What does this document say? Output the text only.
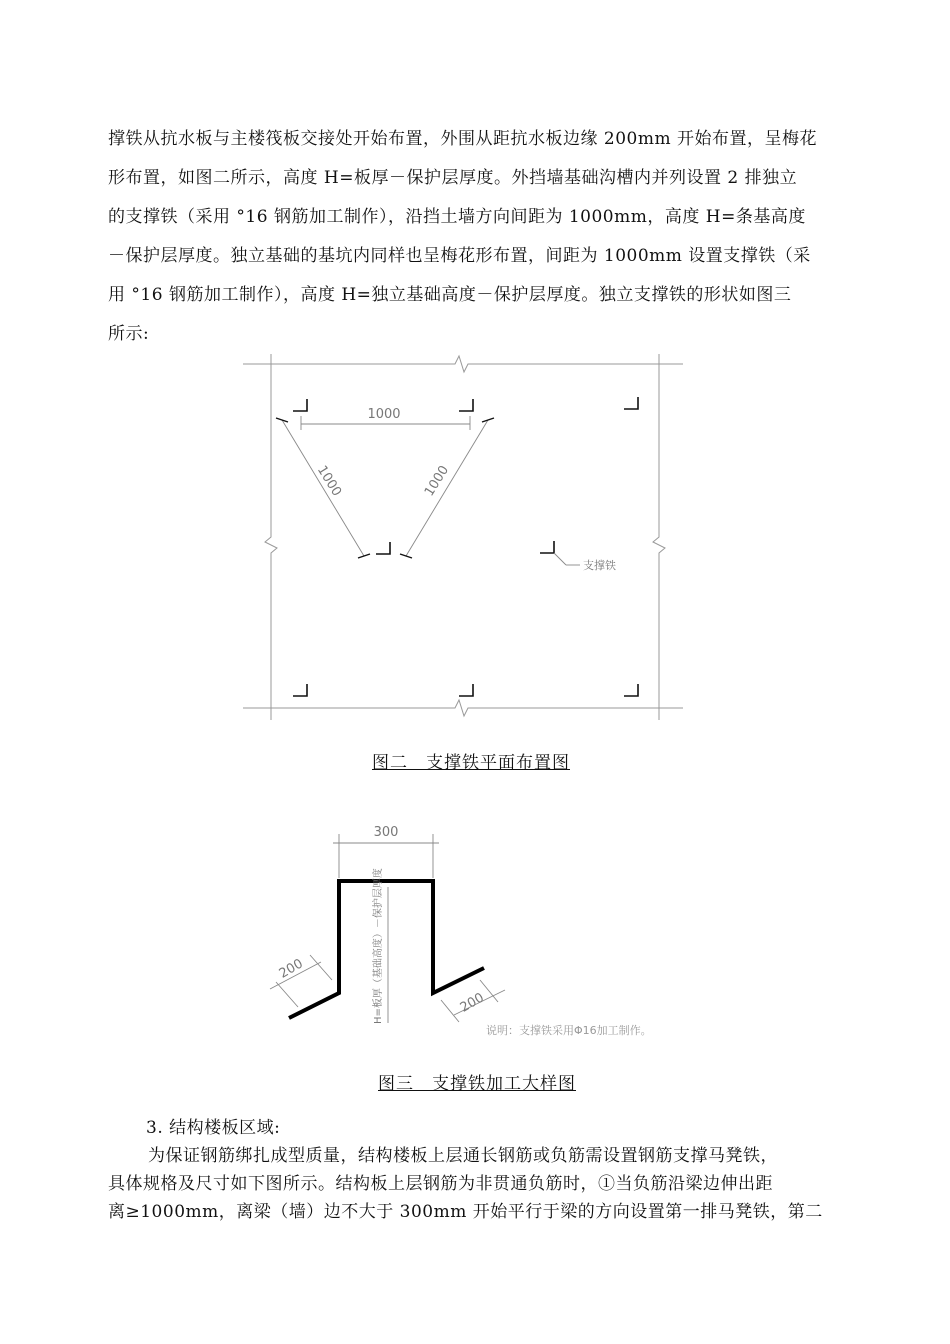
撑铁从抗水板与主楼筏板交接处开始布置，外围从距抗水板边缘 200mm 开始布置，呈梅花
形布置，如图二所示，高度 H=板厚－保护层厚度。外挡墙基础沟槽内并列设置 2 排独立
的支撑铁（采用 °16 钢筋加工制作），沿挡土墙方向间距为 1000mm，高度 H=条基高度
－保护层厚度。独立基础的基坑内同样也呈梅花形布置，间距为 1000mm 设置支撑铁（采
用 °16 钢筋加工制作），高度 H=独立基础高度－保护层厚度。独立支撑铁的形状如图三
所示:
1000
1000	1000
支撑铁
图二　支撑铁平面布置图
300
200
200
H=板厚（基础高度）－保护层厚度
说明：支撑铁采用Φ16加工制作。
图三　支撑铁加工大样图
3. 结构楼板区域:
为保证钢筋绑扎成型质量，结构楼板上层通长钢筋或负筋需设置钢筋支撑马凳铁，
具体规格及尺寸如下图所示。结构板上层钢筋为非贯通负筋时，①当负筋沿梁边伸出距
离≥1000mm，离梁（墙）边不大于 300mm 开始平行于梁的方向设置第一排马凳铁，第二
